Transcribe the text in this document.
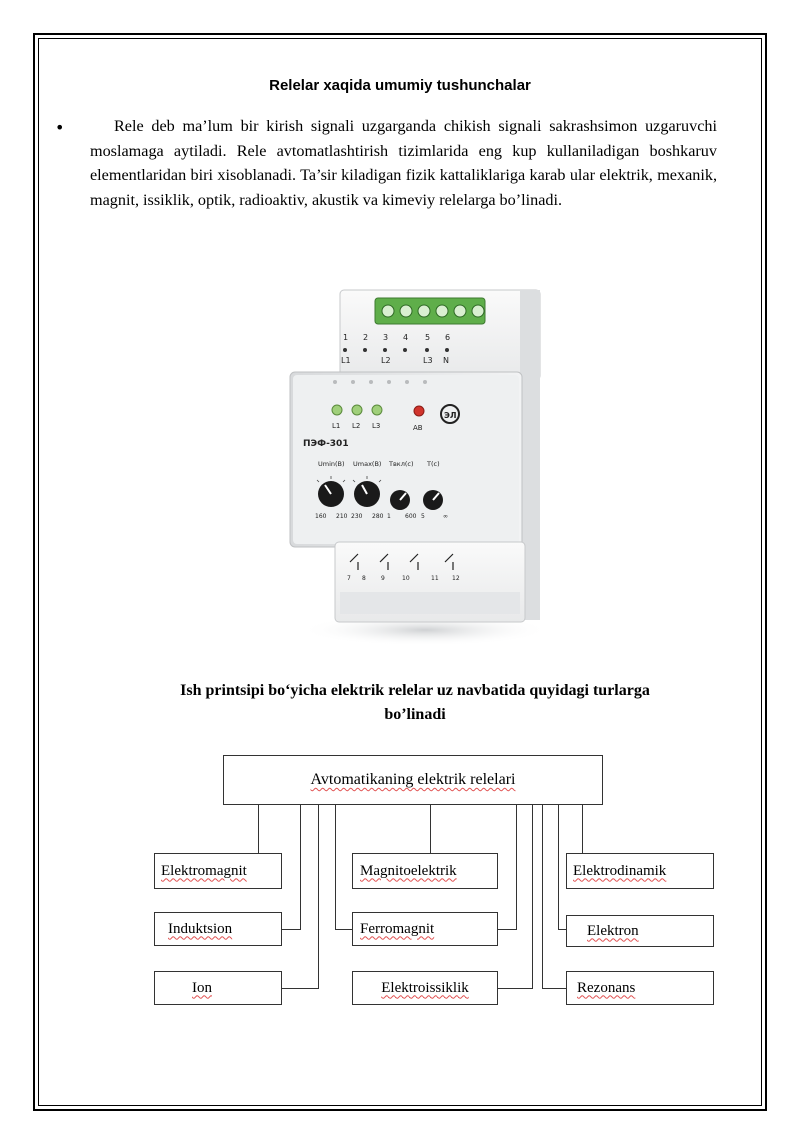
Relelar xaqida umumiy tushunchalar
•	Rele deb ma’lum bir kirish signali uzgarganda chikish signali sakrashsimon uzgaruvchi moslamaga aytiladi. Rele avtomatlashtirish tizimlarida eng kup kullaniladigan boshkaruv elementlaridan biri xisoblanadi. Ta’sir kiladigan fizik kattaliklariga karab ular elektrik, mexanik, magnit, issiklik, optik, radioaktiv, akustik va kimeviy relelarga bo’linadi.

1 2 3 4 5 6
L1	L2	L3 N
L1 L2 L3	АВ
ЭЛ
ПЭФ-301
Umin(B) Umax(B) Tвкл(c) T(c)
160 210 230 280 1 600 5	∞
7 8	9	10	11 12

Ish printsipi bo‘yicha elektrik relelar uz navbatida quyidagi turlarga
bo’linadi

Avtomatikaning elektrik relelari
Elektromagnit
Induktsion
Ion
Magnitoelektrik
Ferromagnit
Elektroissiklik
Elektrodinamik
Elektron
Rezonans
